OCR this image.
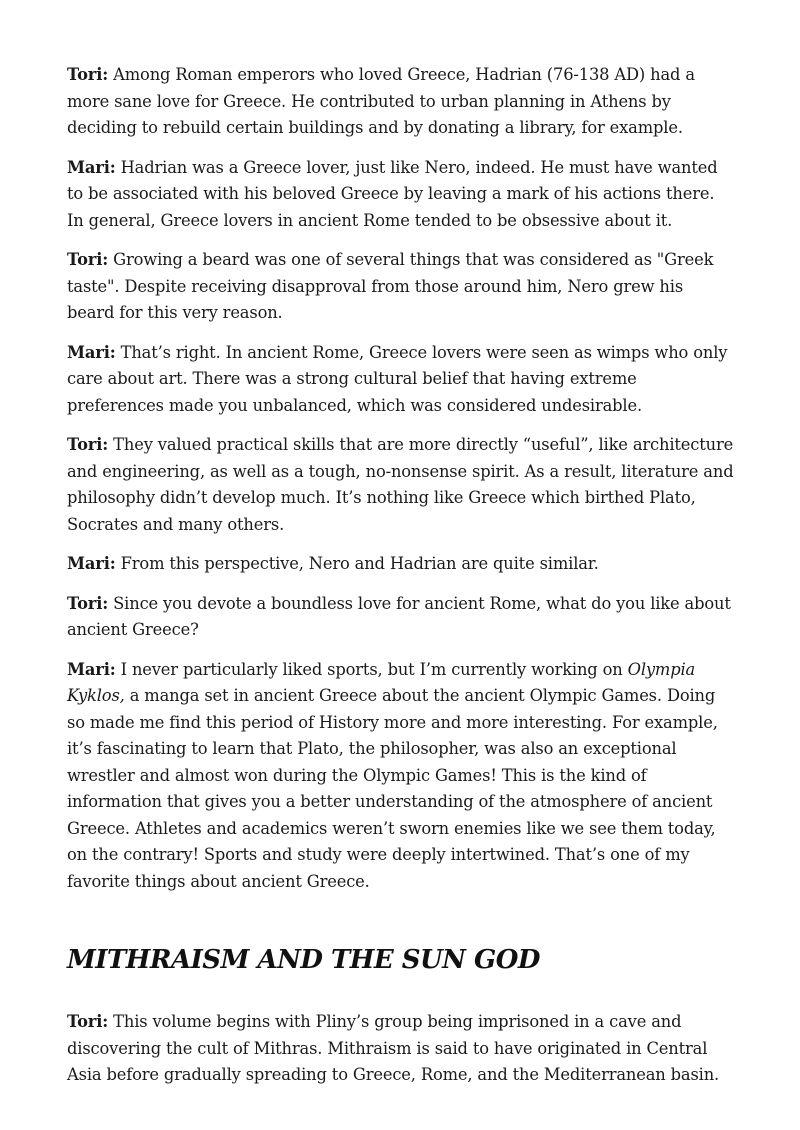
Tori: Among Roman emperors who loved Greece, Hadrian (76-138 AD) had a more sane love for Greece. He contributed to urban planning in Athens by deciding to rebuild certain buildings and by donating a library, for example.

Mari: Hadrian was a Greece lover, just like Nero, indeed. He must have wanted to be associated with his beloved Greece by leaving a mark of his actions there. In general, Greece lovers in ancient Rome tended to be obsessive about it.

Tori: Growing a beard was one of several things that was considered as "Greek taste". Despite receiving disapproval from those around him, Nero grew his beard for this very reason.

Mari: That’s right. In ancient Rome, Greece lovers were seen as wimps who only care about art. There was a strong cultural belief that having extreme preferences made you unbalanced, which was considered undesirable.

Tori: They valued practical skills that are more directly “useful”, like architecture and engineering, as well as a tough, no-nonsense spirit. As a result, literature and philosophy didn’t develop much. It’s nothing like Greece which birthed Plato, Socrates and many others.

Mari: From this perspective, Nero and Hadrian are quite similar.

Tori: Since you devote a boundless love for ancient Rome, what do you like about ancient Greece?

Mari: I never particularly liked sports, but I’m currently working on Olympia Kyklos, a manga set in ancient Greece about the ancient Olympic Games. Doing so made me find this period of History more and more interesting. For example, it’s fascinating to learn that Plato, the philosopher, was also an exceptional wrestler and almost won during the Olympic Games! This is the kind of information that gives you a better understanding of the atmosphere of ancient Greece. Athletes and academics weren’t sworn enemies like we see them today, on the contrary! Sports and study were deeply intertwined. That’s one of my favorite things about ancient Greece.

MITHRAISM AND THE SUN GOD

Tori: This volume begins with Pliny’s group being imprisoned in a cave and discovering the cult of Mithras. Mithraism is said to have originated in Central Asia before gradually spreading to Greece, Rome, and the Mediterranean basin.
